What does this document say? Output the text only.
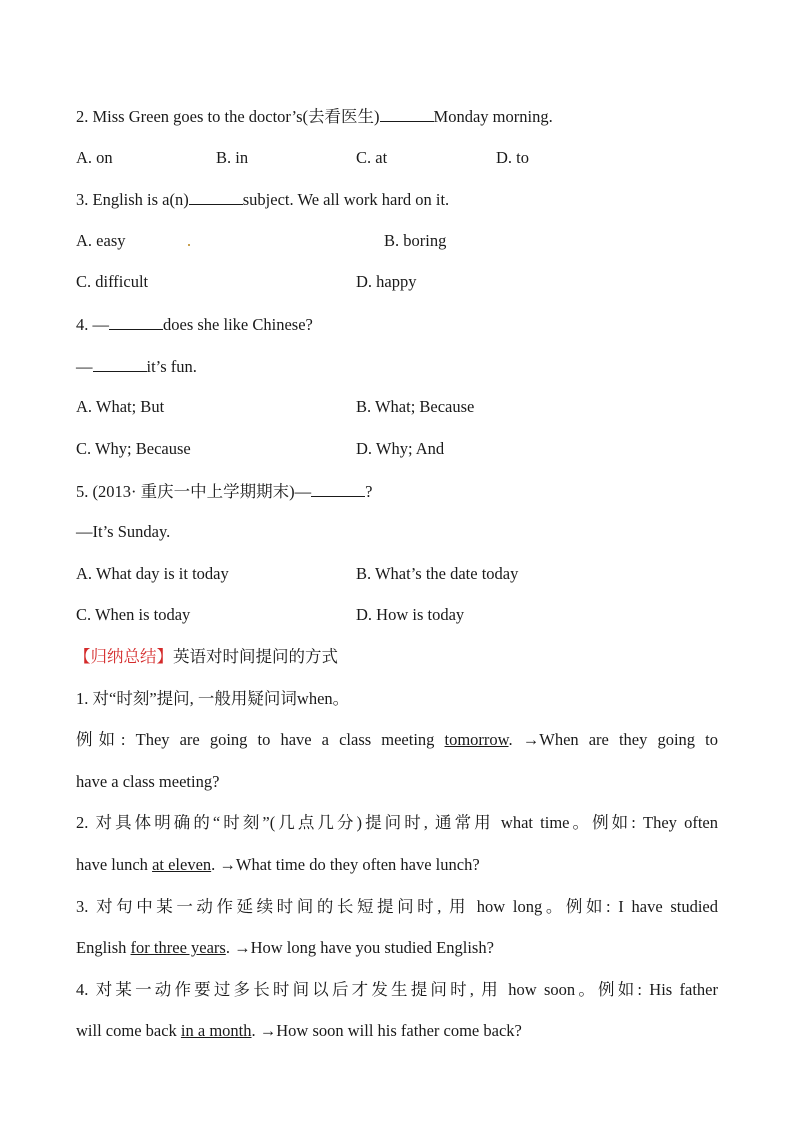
2. Miss Green goes to the doctor’s(去看医生)	Monday morning.
A. on	B. in	C. at	D. to
3. English is a(n)	subject. We all work hard on it.
A. easy	B. boring
C. difficult	D. happy
4. —	does she like Chinese?
—	it’s fun.
A. What; But	B. What; Because
C. Why; Because	D. Why; And
5. (2013· 重庆一中上学期期末)—	?
—It’s Sunday.
A. What day is it today	B. What’s the date today
C. When is today	D. How is today
【归纳总结】英语对时间提问的方式
1. 对“时刻”提问, 一般用疑问词when。
例如: They are going to have a class meeting tomorrow. →When are they going to
have a class meeting?
2. 对具体明确的“时刻”(几点几分)提问时, 通常用 what time。例如: They often
have lunch at eleven. →What time do they often have lunch?
3. 对句中某一动作延续时间的长短提问时, 用 how long。例如: I have studied
English for three years. →How long have you studied English?
4. 对某一动作要过多长时间以后才发生提问时, 用 how soon。例如: His father
will come back in a month. →How soon will his father come back?
